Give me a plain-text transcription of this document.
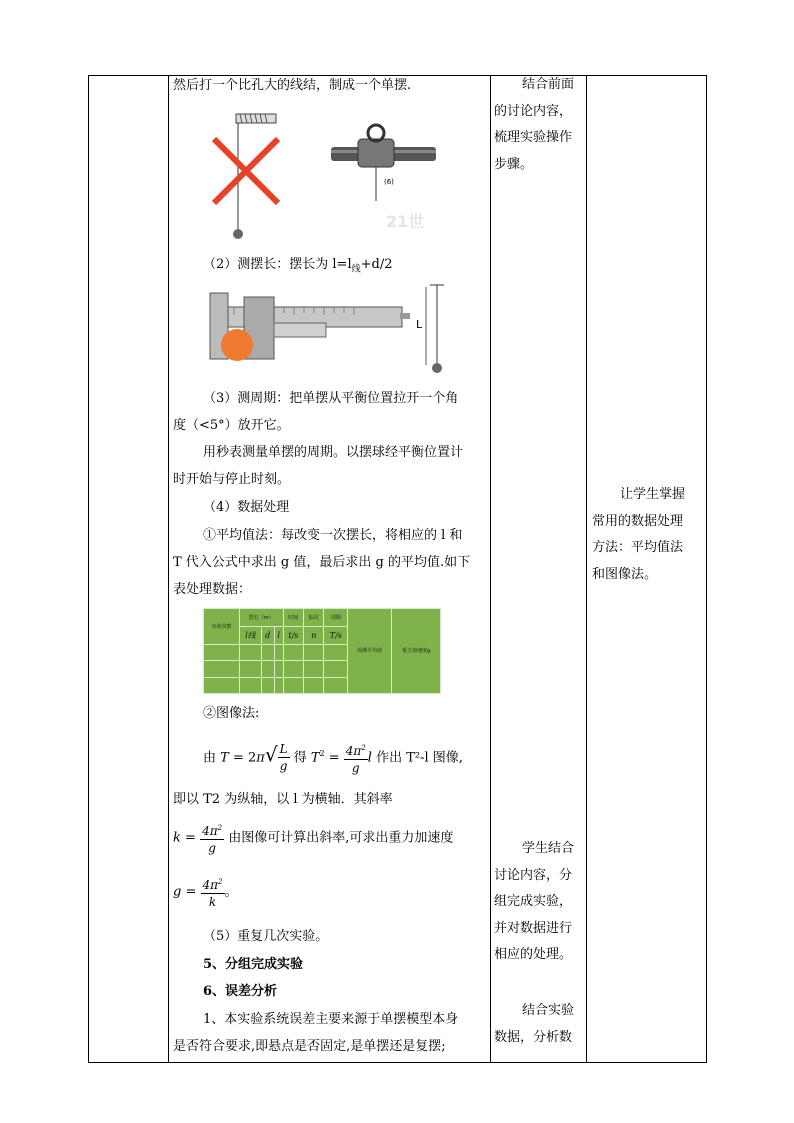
然后打一个比孔大的线结，制成一个单摆.
(6)
21世
（2）测摆长：摆长为 $l=l_线+d/2$
L
（3）测周期：把单摆从平衡位置拉开一个角
度（<5°）放开它。
用秒表测量单摆的周期。以摆球经平衡位置计
时开始与停止时刻。
（4）数据处理
①平均值法：每改变一次摆长，将相应的 l 和
T 代入公式中求出 g 值，最后求出 g 的平均值.如下
表处理数据：
实验次数	摆长（m）			时间	振次	周期	周期平均值	重力加速度g
	l线	d	l	t/s	n	T/s		

②图像法:
由 $T = 2\pi√ \frac{L}{g}$ 得 $T^2 = \frac{4\pi^2}{g}$ l 作出 T²-l 图像,
即以 T2 为纵轴，以 l 为横轴．其斜率
$k = \frac{4\pi^2}{g}$ 由图像可计算出斜率,可求出重力加速度
$g = \frac{4\pi^2}{k}$ 。
（5）重复几次实验。
5、分组完成实验
6、误差分析
1、本实验系统误差主要来源于单摆模型本身
是否符合要求,即悬点是否固定,是单摆还是复摆;
结合前面
的讨论内容，
梳理实验操作
步骤。
学生结合
讨论内容，分
组完成实验，
并对数据进行
相应的处理。
结合实验
数据，分析数
让学生掌握
常用的数据处理
方法：平均值法
和图像法。
